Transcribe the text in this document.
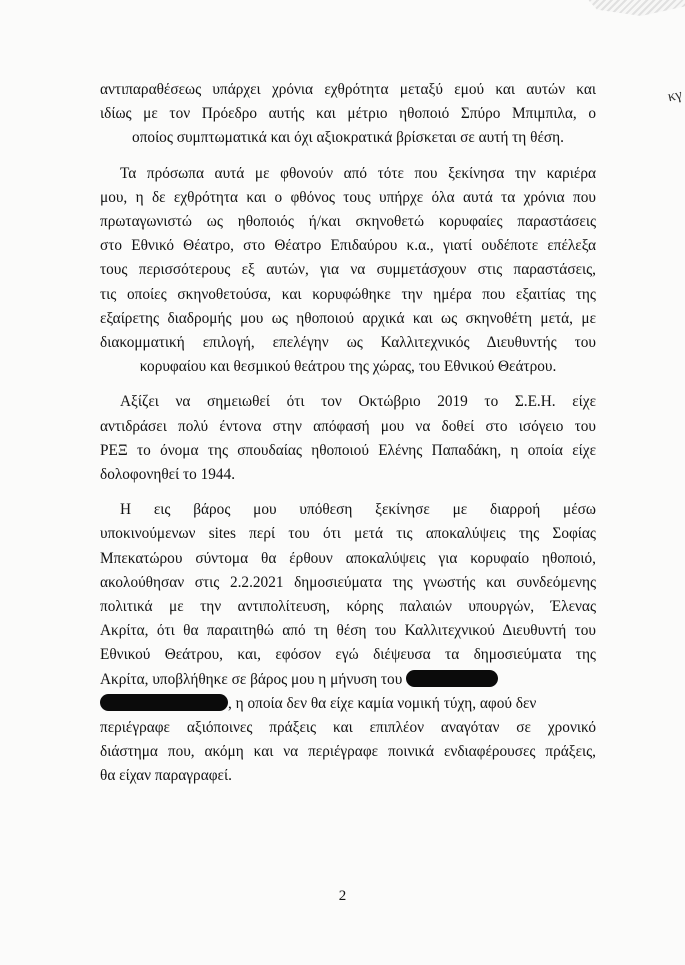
κγ
αντιπαραθέσεως υπάρχει χρόνια εχθρότητα μεταξύ εμού και αυτών και
ιδίως με τον Πρόεδρο αυτής και μέτριο ηθοποιό Σπύρο Μπιμπιλα, ο
οποίος συμπτωματικά και όχι αξιοκρατικά βρίσκεται σε αυτή τη θέση.
Τα πρόσωπα αυτά με φθονούν από τότε που ξεκίνησα την καριέρα
μου, η δε εχθρότητα και ο φθόνος τους υπήρχε όλα αυτά τα χρόνια που
πρωταγωνιστώ ως ηθοποιός ή/και σκηνοθετώ κορυφαίες παραστάσεις
στο Εθνικό Θέατρο, στο Θέατρο Επιδαύρου κ.α., γιατί ουδέποτε επέλεξα
τους περισσότερους εξ αυτών, για να συμμετάσχουν στις παραστάσεις,
τις οποίες σκηνοθετούσα, και κορυφώθηκε την ημέρα που εξαιτίας της
εξαίρετης διαδρομής μου ως ηθοποιού αρχικά και ως σκηνοθέτη μετά, με
διακομματική επιλογή, επελέγην ως Καλλιτεχνικός Διευθυντής του
κορυφαίου και θεσμικού θεάτρου της χώρας, του Εθνικού Θεάτρου.
Αξίζει να σημειωθεί ότι τον Οκτώβριο 2019 το Σ.Ε.Η. είχε
αντιδράσει πολύ έντονα στην απόφασή μου να δοθεί στο ισόγειο του
ΡΕΞ το όνομα της σπουδαίας ηθοποιού Ελένης Παπαδάκη, η οποία είχε
δολοφονηθεί το 1944.
Η εις βάρος μου υπόθεση ξεκίνησε με διαρροή μέσω
υποκινούμενων sites περί του ότι μετά τις αποκαλύψεις της Σοφίας
Μπεκατώρου σύντομα θα έρθουν αποκαλύψεις για κορυφαίο ηθοποιό,
ακολούθησαν στις 2.2.2021 δημοσιεύματα της γνωστής και συνδεόμενης
πολιτικά με την αντιπολίτευση, κόρης παλαιών υπουργών, Έλενας
Ακρίτα, ότι θα παραιτηθώ από τη θέση του Καλλιτεχνικού Διευθυντή του
Εθνικού Θεάτρου, και, εφόσον εγώ διέψευσα τα δημοσιεύματα της
Ακρίτα, υποβλήθηκε σε βάρος μου η μήνυση του
, η οποία δεν θα είχε καμία νομική τύχη, αφού δεν
περιέγραφε αξιόποινες πράξεις και επιπλέον αναγόταν σε χρονικό
διάστημα που, ακόμη και να περιέγραφε ποινικά ενδιαφέρουσες πράξεις,
θα είχαν παραγραφεί.
2
